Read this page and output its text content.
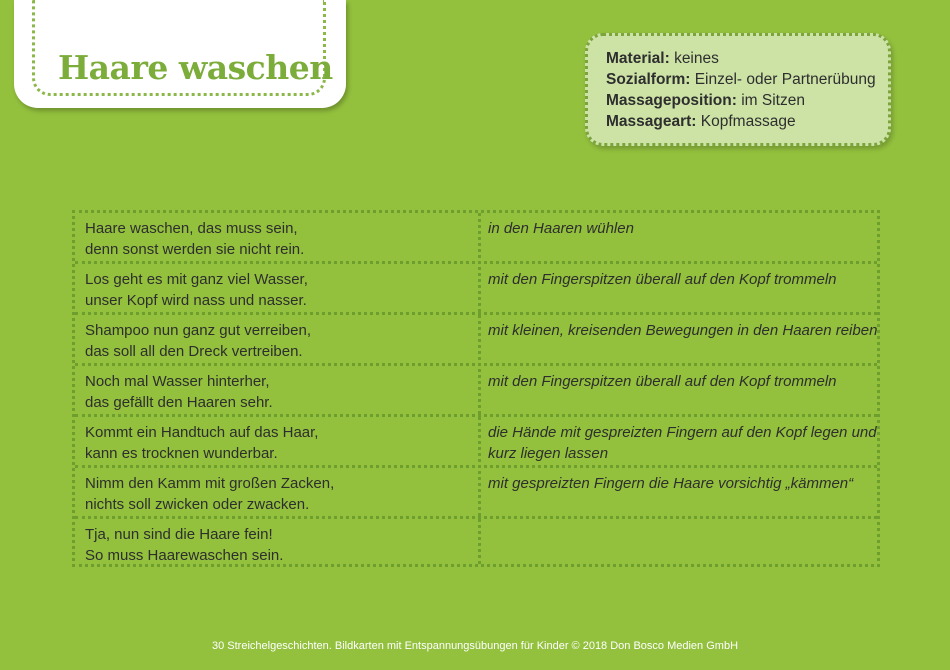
Haare waschen	Material: keines
Sozialform: Einzel- oder Partnerübung
Massageposition: im Sitzen
Massageart: Kopfmassage
Haare waschen, das muss sein,
denn sonst werden sie nicht rein.
in den Haaren wühlen
Los geht es mit ganz viel Wasser,
unser Kopf wird nass und nasser.
mit den Fingerspitzen überall auf den Kopf trommeln
Shampoo nun ganz gut verreiben,
das soll all den Dreck vertreiben.
mit kleinen, kreisenden Bewegungen in den Haaren reiben
Noch mal Wasser hinterher,
das gefällt den Haaren sehr.
mit den Fingerspitzen überall auf den Kopf trommeln
Kommt ein Handtuch auf das Haar,
kann es trocknen wunderbar.
die Hände mit gespreizten Fingern auf den Kopf legen und
kurz liegen lassen
Nimm den Kamm mit großen Zacken,
nichts soll zwicken oder zwacken.
mit gespreizten Fingern die Haare vorsichtig „kämmen“
Tja, nun sind die Haare fein!
So muss Haarewaschen sein.
30 Streichelgeschichten. Bildkarten mit Entspannungsübungen für Kinder © 2018 Don Bosco Medien GmbH
